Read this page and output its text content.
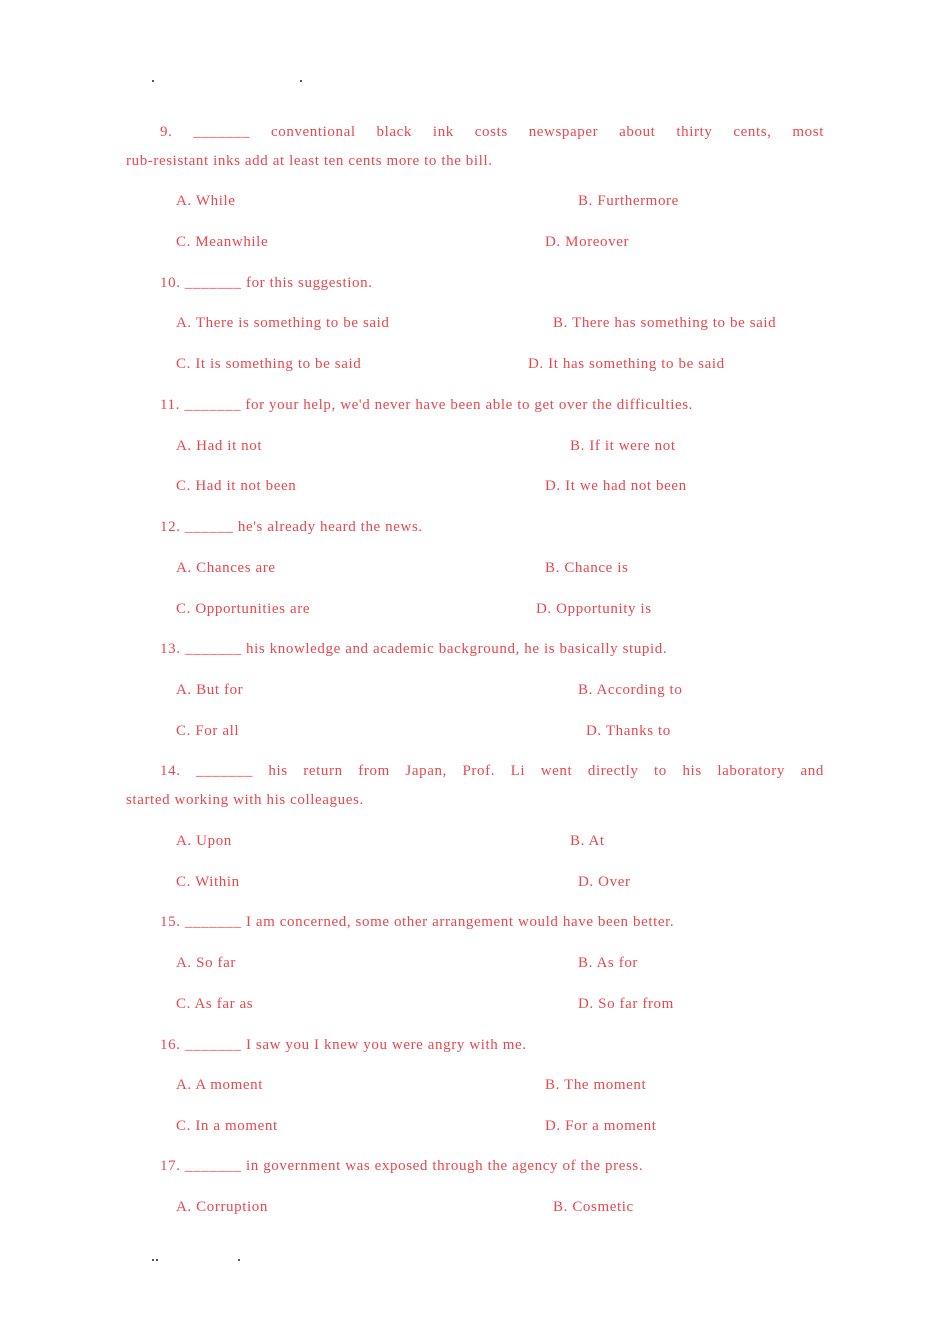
9. _______ conventional black ink costs newspaper about thirty cents, most
rub-resistant inks add at least ten cents more to the bill.
A. While	B. Furthermore
C. Meanwhile	D. Moreover
10. _______ for this suggestion.
A. There is something to be said	B. There has something to be said
C. It is something to be said	D. It has something to be said
11. _______ for your help, we'd never have been able to get over the difficulties.
A. Had it not	B. If it were not
C. Had it not been	D. It we had not been
12. ______ he's already heard the news.
A. Chances are	B. Chance is
C. Opportunities are	D. Opportunity is
13. _______ his knowledge and academic background, he is basically stupid.
A. But for	B. According to
C. For all	D. Thanks to
14. _______ his return from Japan, Prof. Li went directly to his laboratory and
started working with his colleagues.
A. Upon	B. At
C. Within	D. Over
15. _______ I am concerned, some other arrangement would have been better.
A. So far	B. As for
C. As far as	D. So far from
16. _______ I saw you I knew you were angry with me.
A. A moment	B. The moment
C. In a moment	D. For a moment
17. _______ in government was exposed through the agency of the press.
A. Corruption	B. Cosmetic
